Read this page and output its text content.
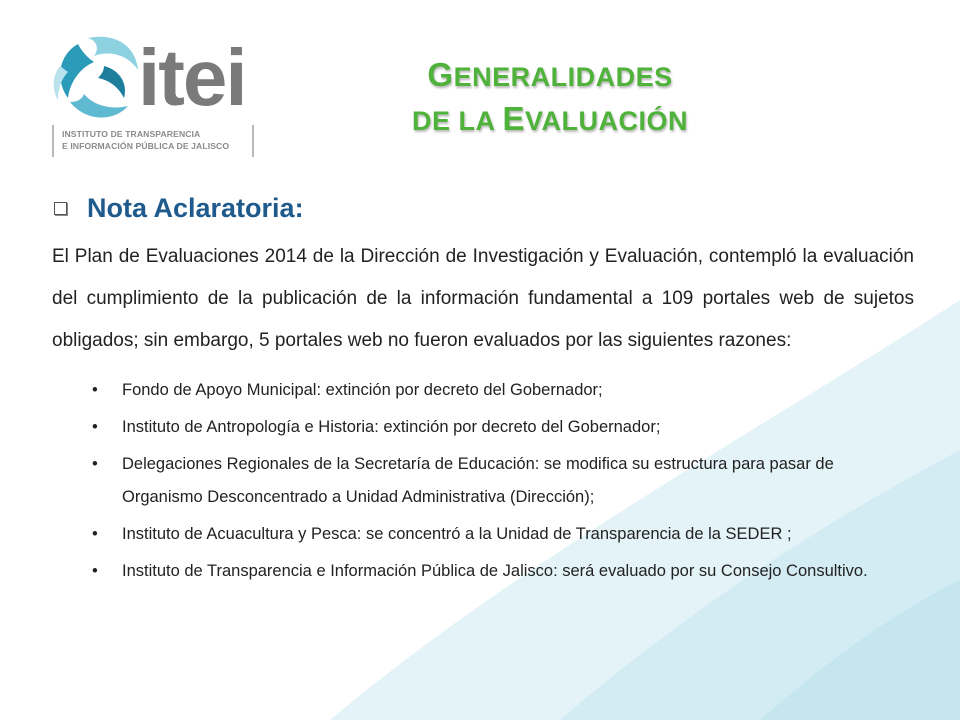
itei
INSTITUTO DE TRANSPARENCIA
E INFORMACIÓN PÚBLICA DE JALISCO
GENERALIDADES
DE LA EVALUACIÓN
Nota Aclaratoria:
El Plan de Evaluaciones 2014 de la Dirección de Investigación y Evaluación, contempló la evaluación del cumplimiento de la publicación de la información fundamental a 109 portales web de sujetos obligados; sin embargo, 5 portales web no fueron evaluados por las siguientes razones:
• Fondo de Apoyo Municipal: extinción por decreto del Gobernador;
• Instituto de Antropología e Historia: extinción por decreto del Gobernador;
• Delegaciones Regionales de la Secretaría de Educación: se modifica su estructura para pasar de Organismo Desconcentrado a Unidad Administrativa (Dirección);
• Instituto de Acuacultura y Pesca: se concentró a la Unidad de Transparencia de la SEDER ;
• Instituto de Transparencia e Información Pública de Jalisco: será evaluado por su Consejo Consultivo.
